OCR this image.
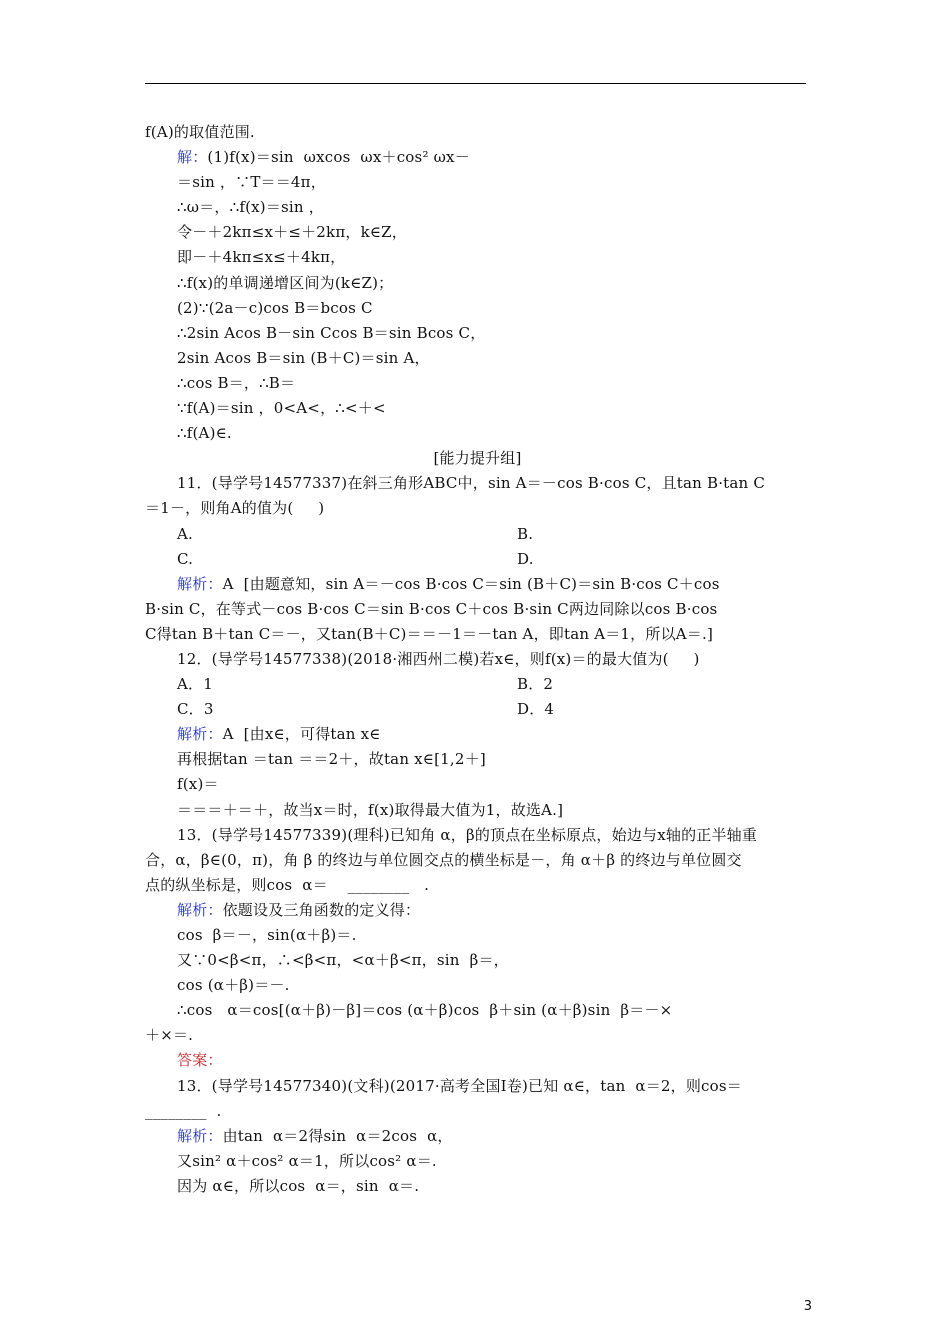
f(A)的取值范围.
解：(1)f(x)＝sin  ωxcos  ωx＋cos² ωx－
＝sin ，∵T＝＝4π，
∴ω＝，∴f(x)＝sin ，
令－＋2kπ≤x＋≤＋2kπ，k∈Z，
即－＋4kπ≤x≤＋4kπ，
∴f(x)的单调递增区间为(k∈Z)；
(2)∵(2a－c)cos B＝bcos C
∴2sin Acos B－sin Ccos B＝sin Bcos C，
2sin Acos B＝sin (B＋C)＝sin A，
∴cos B＝，∴B＝
∵f(A)＝sin ，0<A<，∴<＋<
∴f(A)∈.
[能力提升组]
11．(导学号14577337)在斜三角形ABC中，sin A＝－cos B·cos C，且tan B·tan C
＝1－，则角A的值为(     )
A.	B.
C.	D.
解析：A  [由题意知，sin A＝－cos B·cos C＝sin (B＋C)＝sin B·cos C＋cos
B·sin C，在等式－cos B·cos C＝sin B·cos C＋cos B·sin C两边同除以cos B·cos
C得tan B＋tan C＝－，又tan(B＋C)＝＝－1＝－tan A，即tan A＝1，所以A＝.]
12．(导学号14577338)(2018·湘西州二模)若x∈，则f(x)＝的最大值为(     )
A．1	B．2
C．3	D．4
解析：A  [由x∈，可得tan x∈
再根据tan ＝tan ＝＝2＋，故tan x∈[1,2＋]
f(x)＝
＝＝＝＋＝＋，故当x＝时，f(x)取得最大值为1，故选A.]
13．(导学号14577339)(理科)已知角 α，β的顶点在坐标原点，始边与x轴的正半轴重
合，α，β∈(0，π)，角 β 的终边与单位圆交点的横坐标是－，角 α＋β 的终边与单位圆交
点的纵坐标是，则cos  α＝    ________   .
解析：依题设及三角函数的定义得：
cos  β＝－，sin(α＋β)＝.
又∵0<β<π，∴<β<π，<α＋β<π，sin  β＝，
cos (α＋β)＝－.
∴cos   α＝cos[(α＋β)－β]＝cos (α＋β)cos  β＋sin (α＋β)sin  β＝－×
＋×＝.
答案：
13．(导学号14577340)(文科)(2017·高考全国Ⅰ卷)已知 α∈，tan  α＝2，则cos＝
________  .
解析：由tan  α＝2得sin  α＝2cos  α，
又sin² α＋cos² α＝1，所以cos² α＝.
因为 α∈，所以cos  α＝，sin  α＝.
3
